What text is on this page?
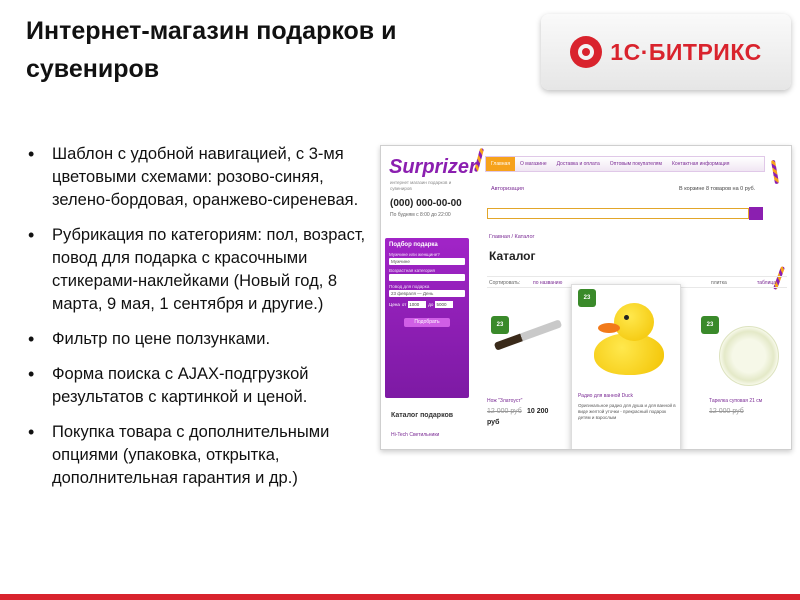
Интернет-магазин подарков и сувениров
1С·БИТРИКС
• Шаблон с удобной навигацией, с 3-мя цветовыми схемами: розово-синяя, зелено-бордовая, оранжево-сиреневая.
• Рубрикация по категориям: пол, возраст, повод для подарка с красочными стикерами-наклейками (Новый год, 8 марта, 9 мая, 1 сентября и другие.)
• Фильтр по цене ползунками.
• Форма поиска с AJAX-подгрузкой результатов с картинкой и ценой.
• Покупка товара с дополнительными опциями (упаковка, открытка, дополнительная гарантия и др.)
Surprizer
интернет магазин подарков и сувениров
(000) 000-00-00
По будням с 8:00 до 22:00
Главная	О магазине	Доставка и оплата	Оптовым покупателям	Контактная информация
Авторизация	В корзине 8 товаров на 0 руб.
Подбор подарка
Мужчине или женщине?
Мужчине
Возрастная категория
Повод для подарка
23 февраля — День
Цена от 1000	до 5000
Подобрать
Каталог подарков
Hi-Tech Светильники
Главная / Каталог
Каталог
Сортировать:	по названию	плитка	таблица
23	23
23
Радио для ванной Duck
Оригинальное радио для душа и для ванной в виде желтой уточки - прекрасный подарок детям и взрослым
Нож "Златоуст"
12 000 руб 10 200
руб
Тарелка суповая 21 см
12 000 руб
